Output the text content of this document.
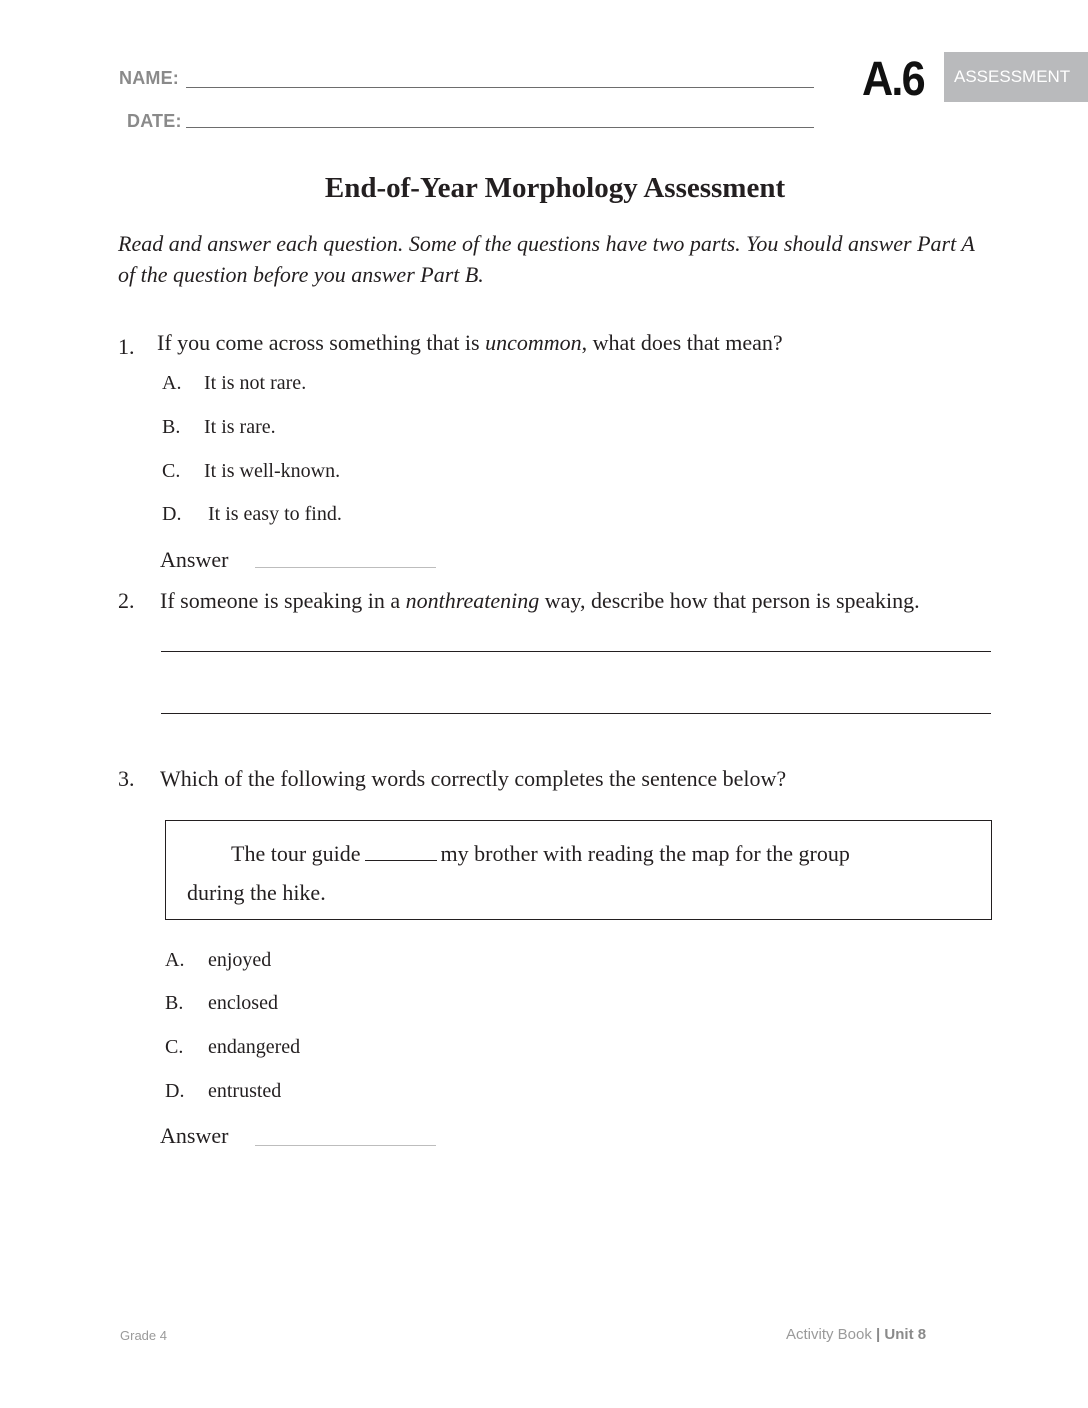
NAME:
DATE:
A.6	ASSESSMENT
End-of-Year Morphology Assessment
Read and answer each question. Some of the questions have two parts. You should answer Part A of the question before you answer Part B.
1. If you come across something that is uncommon, what does that mean?
A. It is not rare.
B. It is rare.
C. It is well-known.
D. It is easy to find.
Answer
2. If someone is speaking in a nonthreatening way, describe how that person is speaking.
3. Which of the following words correctly completes the sentence below?
The tour guide	my brother with reading the map for the group
during the hike.
A. enjoyed
B. enclosed
C. endangered
D. entrusted
Answer
Grade 4	Activity Book | Unit 8
